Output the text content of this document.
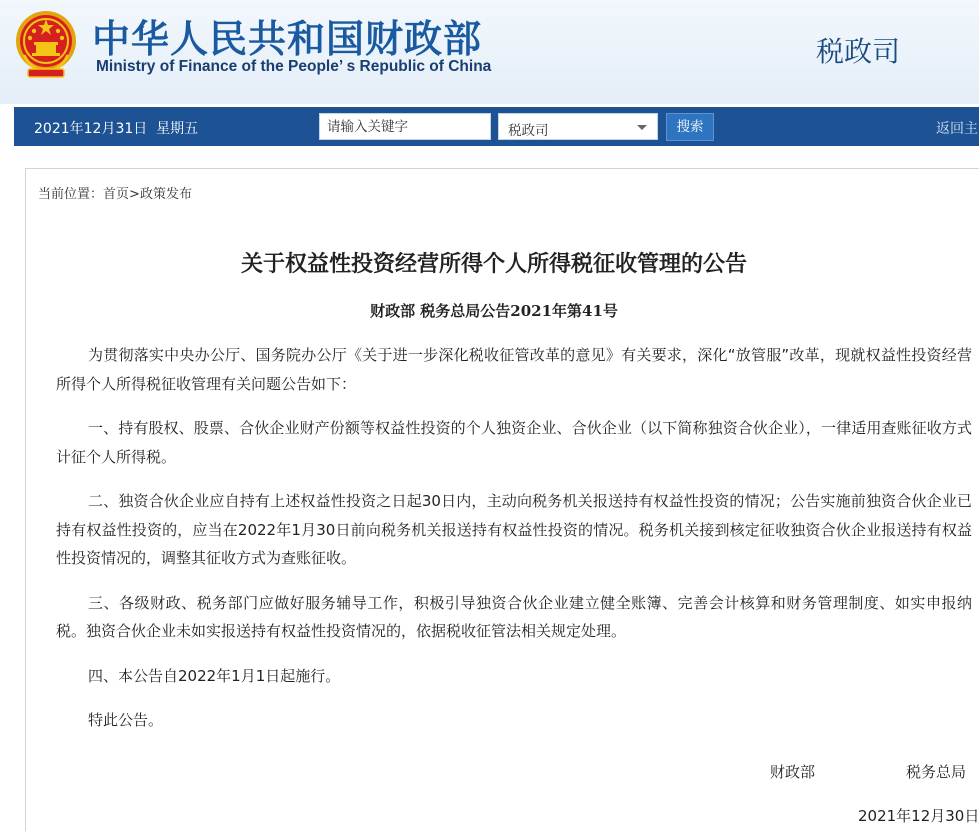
中华人民共和国财政部
Ministry of Finance of the People’ s Republic of China	税政司
2021年12月31日 星期五
请输入关键字	税政司	搜索	返回主
当前位置：首页>政策发布
关于权益性投资经营所得个人所得税征收管理的公告
财政部 税务总局公告2021年第41号

为贯彻落实中央办公厅、国务院办公厅《关于进一步深化税收征管改革的意见》有关要求，深化“放管服”改革，现就权益性投资经营所得个人所得税征收管理有关问题公告如下：

一、持有股权、股票、合伙企业财产份额等权益性投资的个人独资企业、合伙企业（以下简称独资合伙企业），一律适用查账征收方式计征个人所得税。

二、独资合伙企业应自持有上述权益性投资之日起30日内，主动向税务机关报送持有权益性投资的情况；公告实施前独资合伙企业已持有权益性投资的，应当在2022年1月30日前向税务机关报送持有权益性投资的情况。税务机关接到核定征收独资合伙企业报送持有权益性投资情况的，调整其征收方式为查账征收。

三、各级财政、税务部门应做好服务辅导工作，积极引导独资合伙企业建立健全账簿、完善会计核算和财务管理制度、如实申报纳税。独资合伙企业未如实报送持有权益性投资情况的，依据税收征管法相关规定处理。

四、本公告自2022年1月1日起施行。

特此公告。

财政部	税务总局
2021年12月30日
